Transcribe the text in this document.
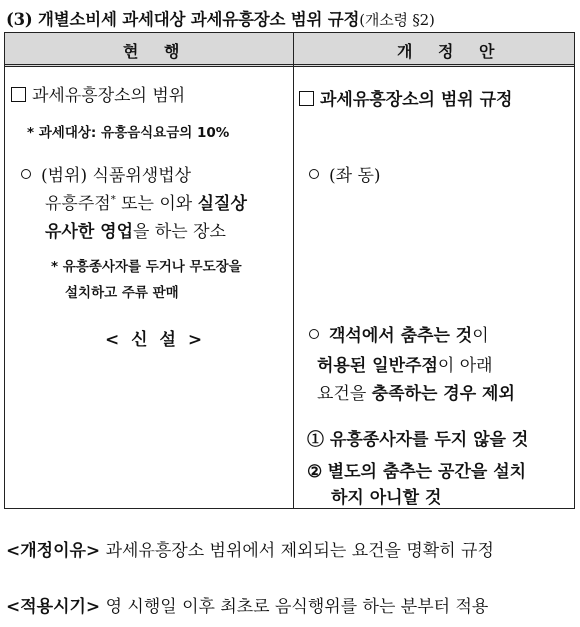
(3) 개별소비세 과세대상 과세유흥장소 범위 규정(개소령 §2)
현 행	개 정 안
과세유흥장소의 범위
* 과세대상: 유흥음식요금의 10%
(범위) 식품위생법상
유흥주점* 또는 이와 실질상
유사한 영업을 하는 장소
* 유흥종사자를 두거나 무도장을
설치하고 주류 판매
< 신 설 >
과세유흥장소의 범위 규정
(좌 동)
객석에서 춤추는 것이
허용된 일반주점이 아래
요건을 충족하는 경우 제외
① 유흥종사자를 두지 않을 것
② 별도의 춤추는 공간을 설치
하지 아니할 것
<개정이유> 과세유흥장소 범위에서 제외되는 요건을 명확히 규정
<적용시기> 영 시행일 이후 최초로 음식행위를 하는 분부터 적용
